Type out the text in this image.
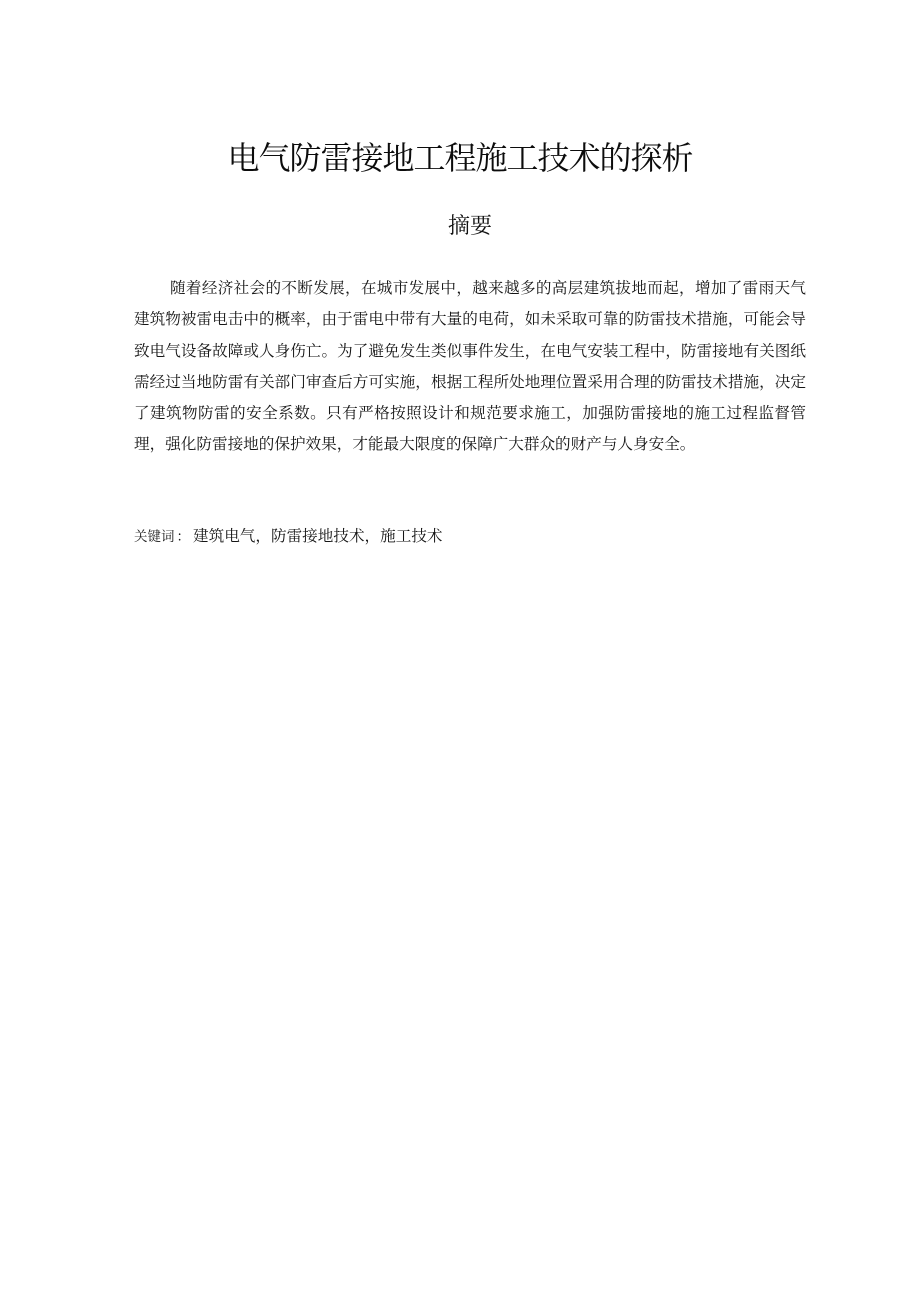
电气防雷接地工程施工技术的探析
摘要

随着经济社会的不断发展，在城市发展中，越来越多的高层建筑拔地而起，增加了雷雨天气建筑物被雷电击中的概率，由于雷电中带有大量的电荷，如未采取可靠的防雷技术措施，可能会导致电气设备故障或人身伤亡。为了避免发生类似事件发生，在电气安装工程中，防雷接地有关图纸需经过当地防雷有关部门审查后方可实施，根据工程所处地理位置采用合理的防雷技术措施，决定了建筑物防雷的安全系数。只有严格按照设计和规范要求施工，加强防雷接地的施工过程监督管理，强化防雷接地的保护效果，才能最大限度的保障广大群众的财产与人身安全。

关键词 ： 建筑电气，防雷接地技术，施工技术
